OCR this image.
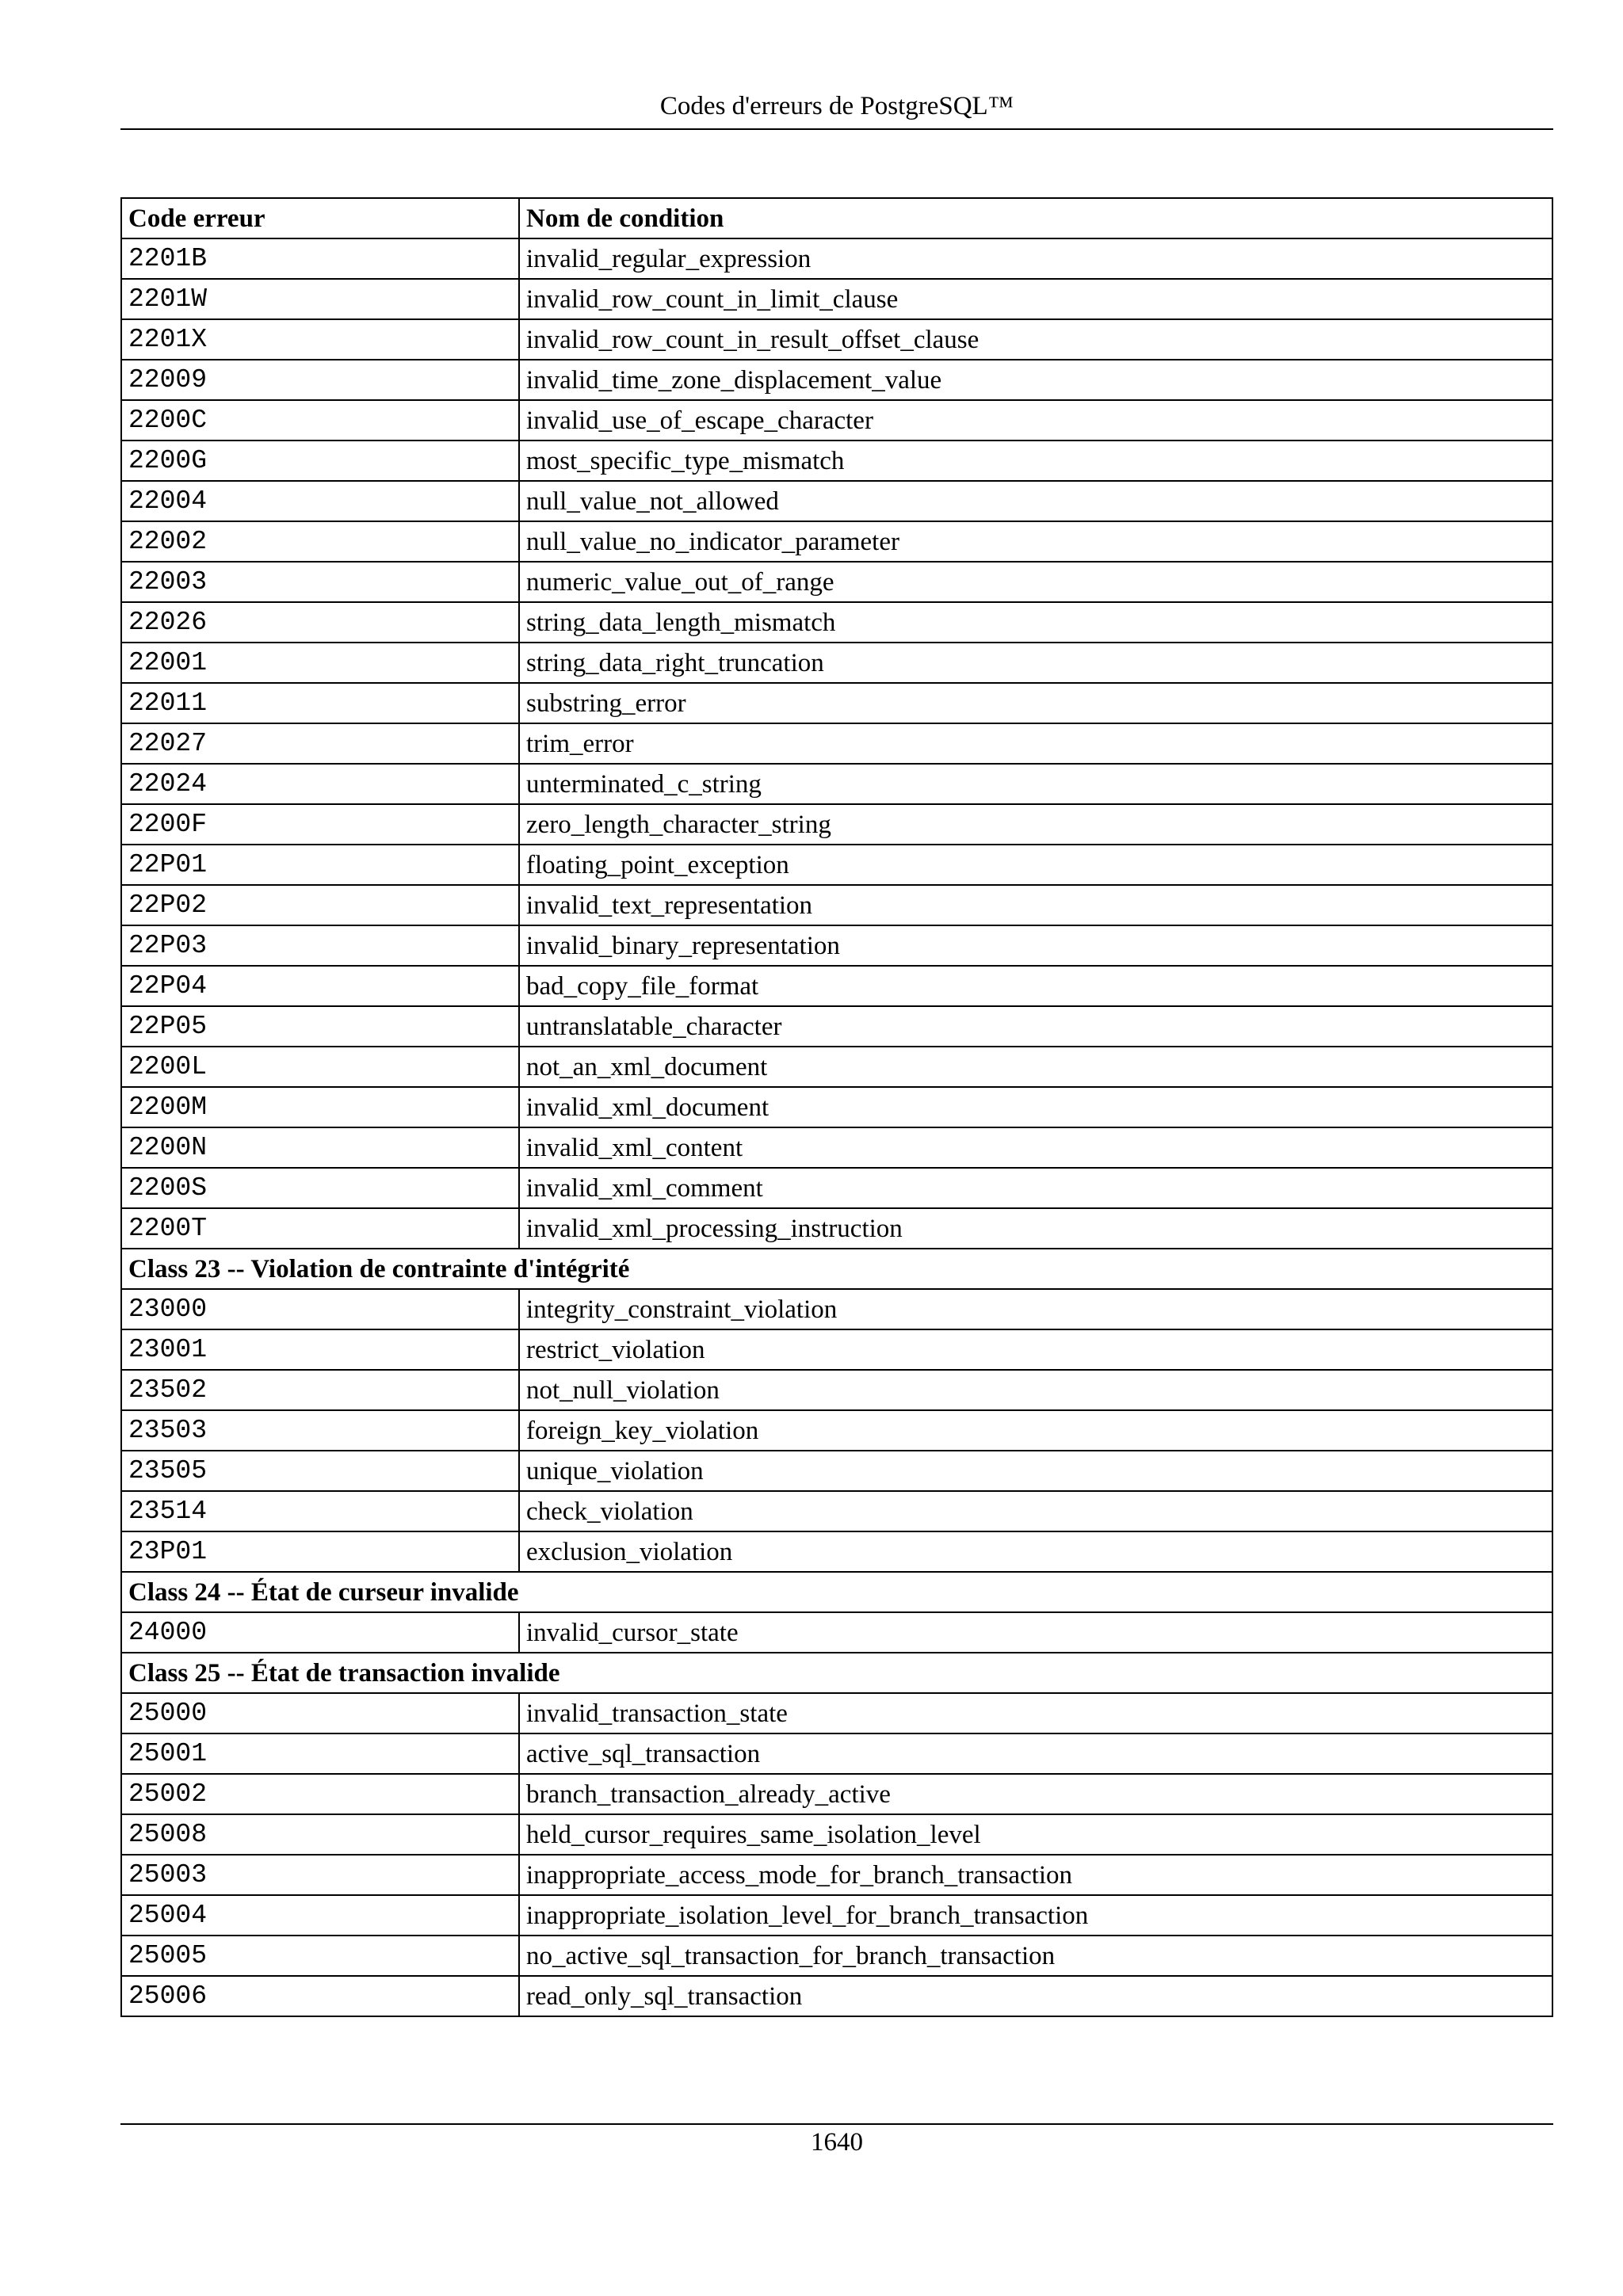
Codes d'erreurs de PostgreSQL™
Code erreur	Nom de condition
2201B	invalid_regular_expression
2201W	invalid_row_count_in_limit_clause
2201X	invalid_row_count_in_result_offset_clause
22009	invalid_time_zone_displacement_value
2200C	invalid_use_of_escape_character
2200G	most_specific_type_mismatch
22004	null_value_not_allowed
22002	null_value_no_indicator_parameter
22003	numeric_value_out_of_range
22026	string_data_length_mismatch
22001	string_data_right_truncation
22011	substring_error
22027	trim_error
22024	unterminated_c_string
2200F	zero_length_character_string
22P01	floating_point_exception
22P02	invalid_text_representation
22P03	invalid_binary_representation
22P04	bad_copy_file_format
22P05	untranslatable_character
2200L	not_an_xml_document
2200M	invalid_xml_document
2200N	invalid_xml_content
2200S	invalid_xml_comment
2200T	invalid_xml_processing_instruction
Class 23 -- Violation de contrainte d'intégrité	
23000	integrity_constraint_violation
23001	restrict_violation
23502	not_null_violation
23503	foreign_key_violation
23505	unique_violation
23514	check_violation
23P01	exclusion_violation
Class 24 -- État de curseur invalide	
24000	invalid_cursor_state
Class 25 -- État de transaction invalide	
25000	invalid_transaction_state
25001	active_sql_transaction
25002	branch_transaction_already_active
25008	held_cursor_requires_same_isolation_level
25003	inappropriate_access_mode_for_branch_transaction
25004	inappropriate_isolation_level_for_branch_transaction
25005	no_active_sql_transaction_for_branch_transaction
25006	read_only_sql_transaction
1640
